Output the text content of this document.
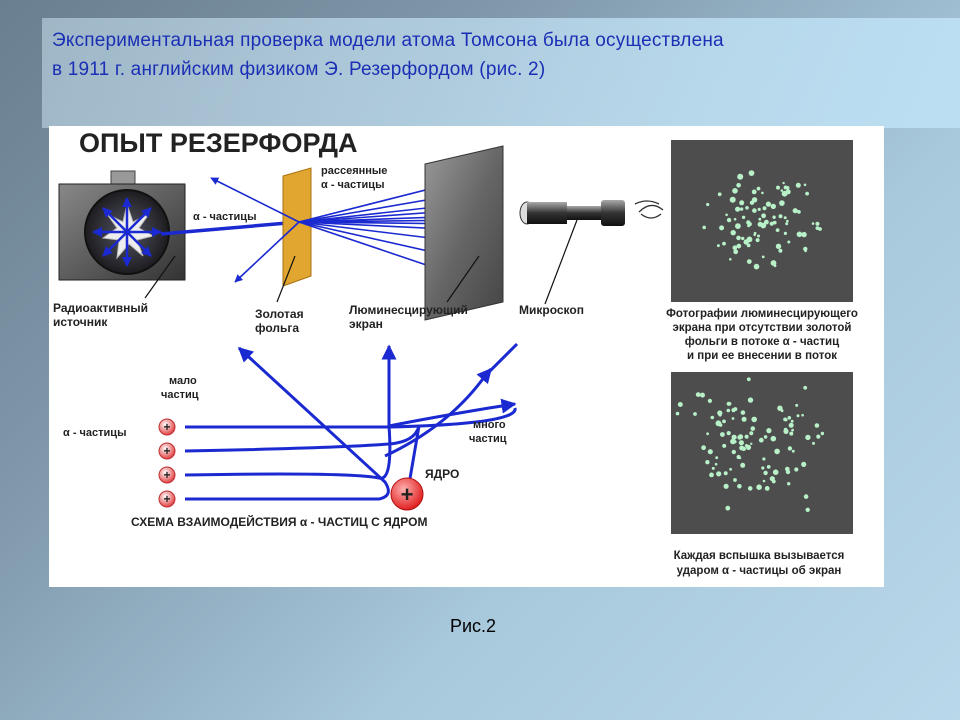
Экспериментальная проверка модели атома Томсона была осуществлена
в 1911 г. английским физиком Э. Резерфордом (рис. 2)

ОПЫТ РЕЗЕРФОРДА
рассеянные
α - частицы
α - частицы
Радиоактивный
источник
Золотая
фольга
Люминесцирующий
экран
Микроскоп	Фотографии люминесцирующего
экрана при отсутствии золотой
фольги в потоке α - частиц
и при ее внесении в поток
Каждая вспышка вызывается
ударом α - частицы об экран
+
+
+
+	+
мало
частиц
много
частиц
α - частицы
ЯДРО
СХЕМА ВЗАИМОДЕЙСТВИЯ α - ЧАСТИЦ С ЯДРОМ
Рис.2
